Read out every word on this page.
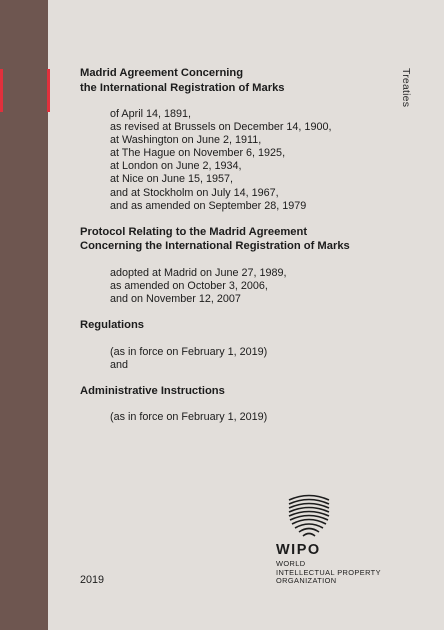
Treaties

Madrid Agreement Concerning
the International Registration of Marks

of April 14, 1891,
as revised at Brussels on December 14, 1900,
at Washington on June 2, 1911,
at The Hague on November 6, 1925,
at London on June 2, 1934,
at Nice on June 15, 1957,
and at Stockholm on July 14, 1967,
and as amended on September 28, 1979

Protocol Relating to the Madrid Agreement
Concerning the International Registration of Marks

adopted at Madrid on June 27, 1989,
as amended on October 3, 2006,
and on November 12, 2007

Regulations

(as in force on February 1, 2019)
and

Administrative Instructions

(as in force on February 1, 2019)

2019
WIPO
WORLD
INTELLECTUAL PROPERTY
ORGANIZATION
